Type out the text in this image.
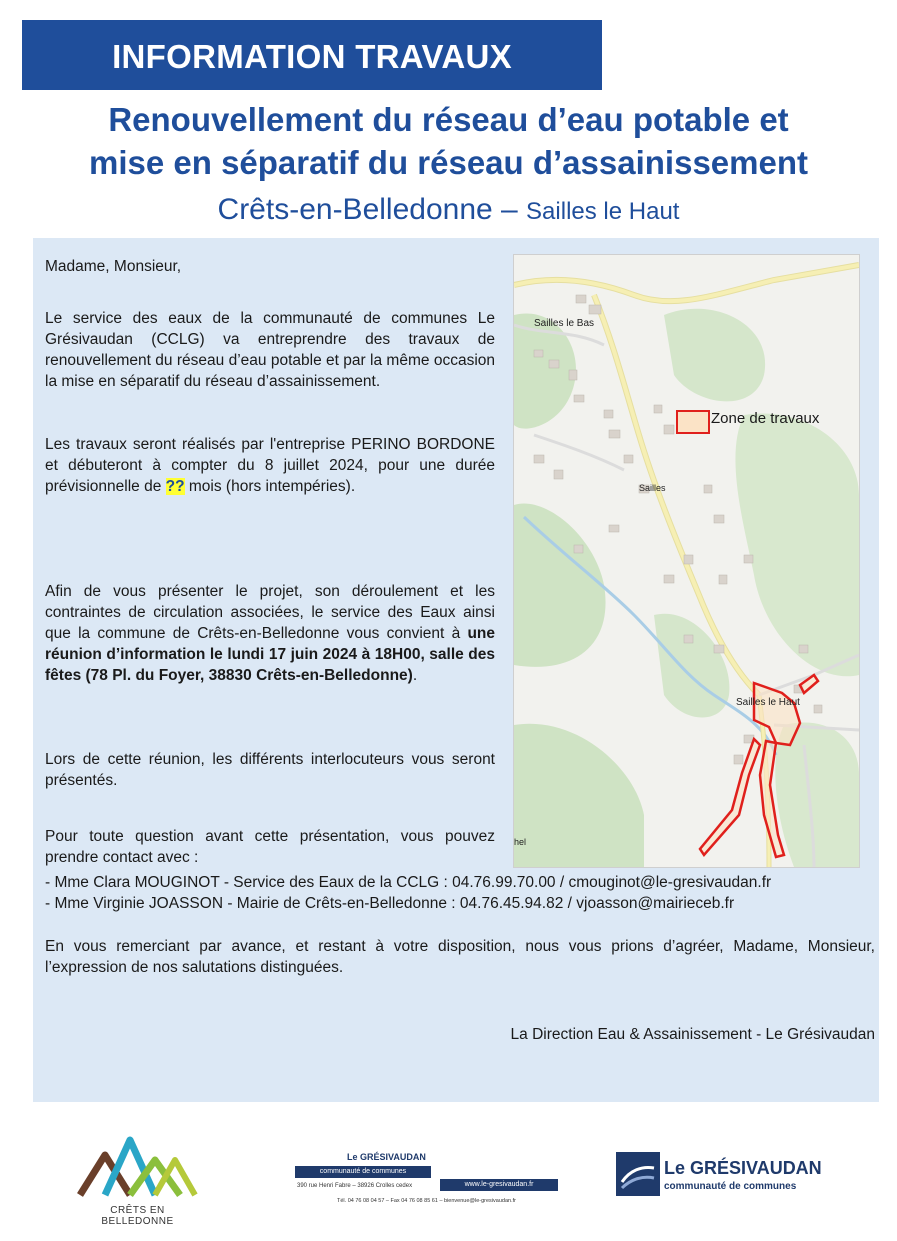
INFORMATION TRAVAUX
Renouvellement du réseau d’eau potable et
mise en séparatif du réseau d’assainissement
Crêts-en-Belledonne – Sailles le Haut
Madame, Monsieur,
Le service des eaux de la communauté de communes Le Grésivaudan (CCLG) va entreprendre des travaux de renouvellement du réseau d’eau potable et par la même occasion la mise en séparatif du réseau d’assainissement.
Les travaux seront réalisés par l'entreprise PERINO BORDONE et débuteront à compter du 8 juillet 2024, pour une durée prévisionnelle de ?? mois (hors intempéries).
Afin de vous présenter le projet, son déroulement et les contraintes de circulation associées, le service des Eaux ainsi que la commune de Crêts-en-Belledonne vous convient à une réunion d’information le lundi 17 juin 2024 à 18H00, salle des fêtes (78 Pl. du Foyer, 38830 Crêts-en-Belledonne).
Lors de cette réunion, les différents interlocuteurs vous seront présentés.
Pour toute question avant cette présentation, vous pouvez prendre contact avec :
- Mme Clara MOUGINOT - Service des Eaux de la CCLG : 04.76.99.70.00 / cmouginot@le-gresivaudan.fr
- Mme Virginie JOASSON - Mairie de Crêts-en-Belledonne : 04.76.45.94.82 / vjoasson@mairieceb.fr
En vous remerciant par avance, et restant à votre disposition, nous vous prions d’agréer, Madame, Monsieur, l’expression de nos salutations distinguées.
La Direction Eau & Assainissement - Le Grésivaudan
Zone de travaux
Sailles le Bas
Sailles
Sailles le Haut
hel
CRÊTS EN BELLEDONNE
Le GRÉSIVAUDAN
communauté de communes
390 rue Henri Fabre – 38926 Crolles cedex	www.le-gresivaudan.fr
Tél. 04 76 08 04 57 – Fax 04 76 08 85 61 – bienvenue@le-gresivaudan.fr
Le GRÉSIVAUDAN
communauté de communes
